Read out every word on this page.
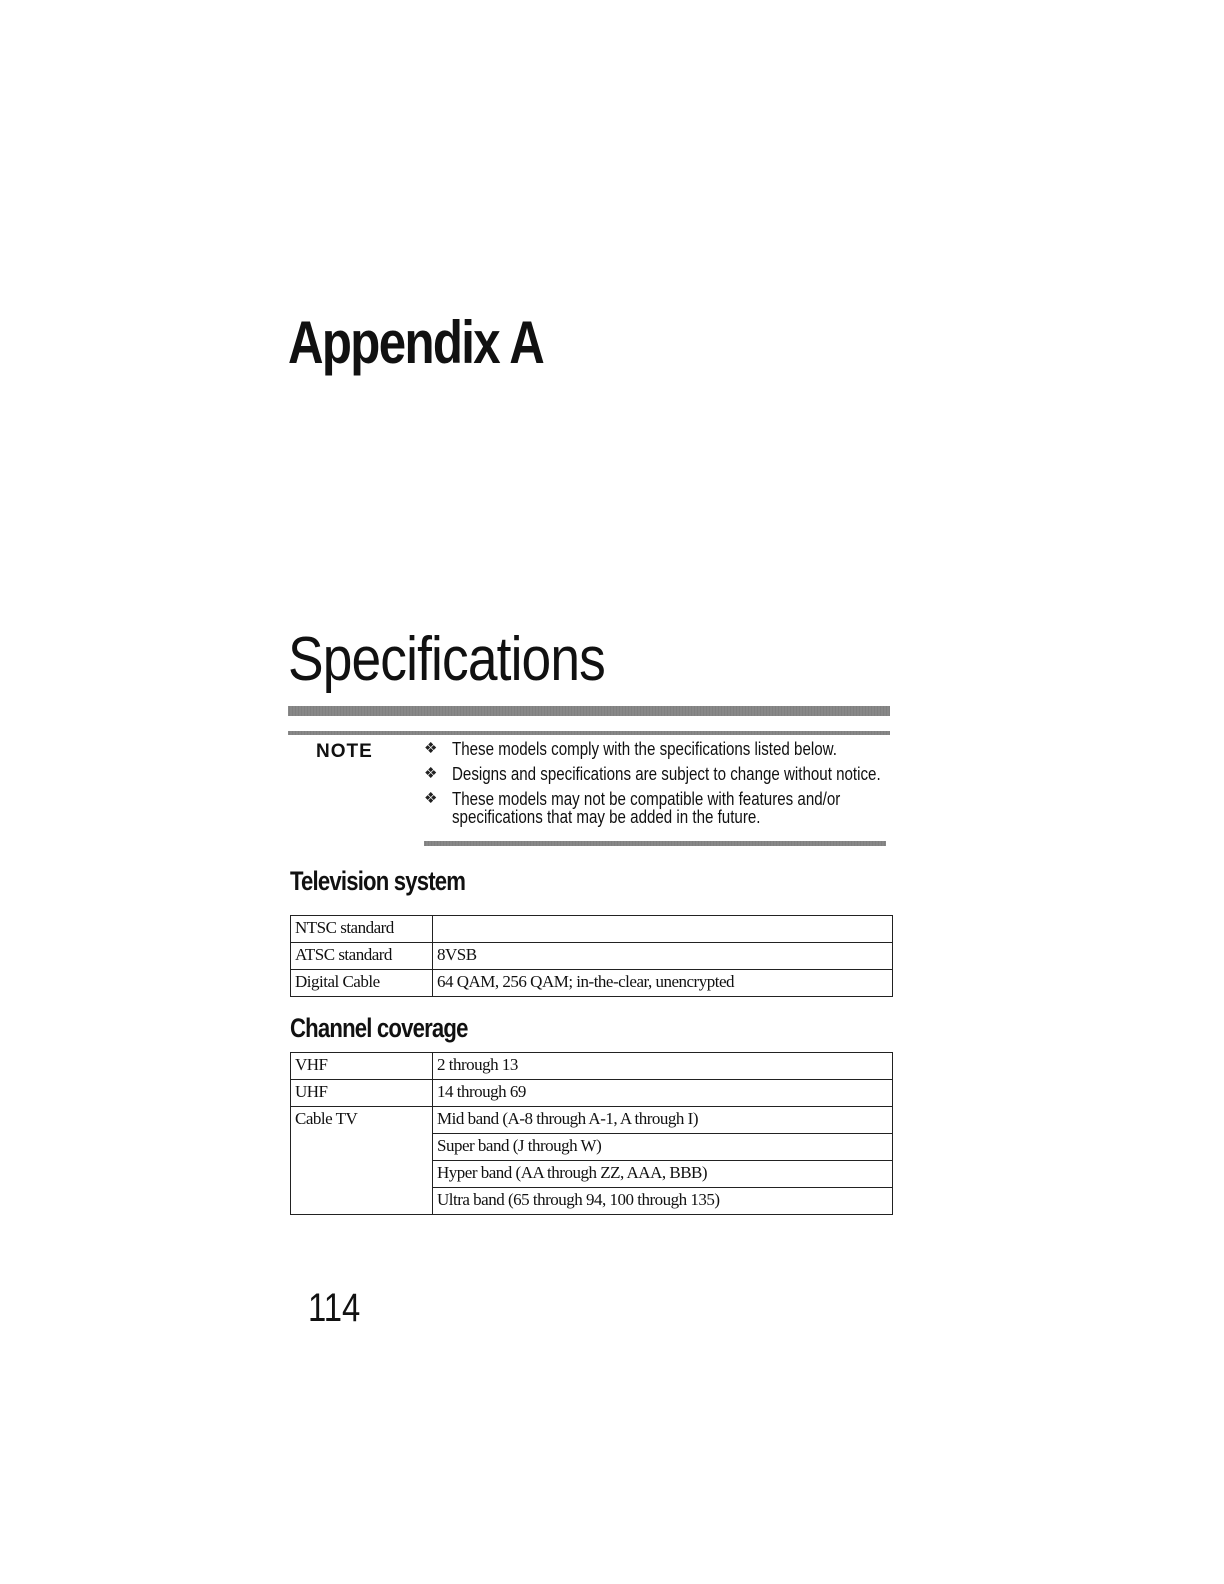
Appendix A
Specifications
NOTE	❖ These models comply with the specifications listed below.
❖ Designs and specifications are subject to change without notice.
❖ These models may not be compatible with features and/or specifications that may be added in the future.
Television system
NTSC standard	
ATSC standard	8VSB
Digital Cable	64 QAM, 256 QAM; in-the-clear, unencrypted
Channel coverage
VHF	2 through 13
UHF	14 through 69
Cable TV	Mid band (A-8 through A-1, A through I)
	Super band (J through W)
	Hyper band (AA through ZZ, AAA, BBB)
	Ultra band (65 through 94, 100 through 135)
114
